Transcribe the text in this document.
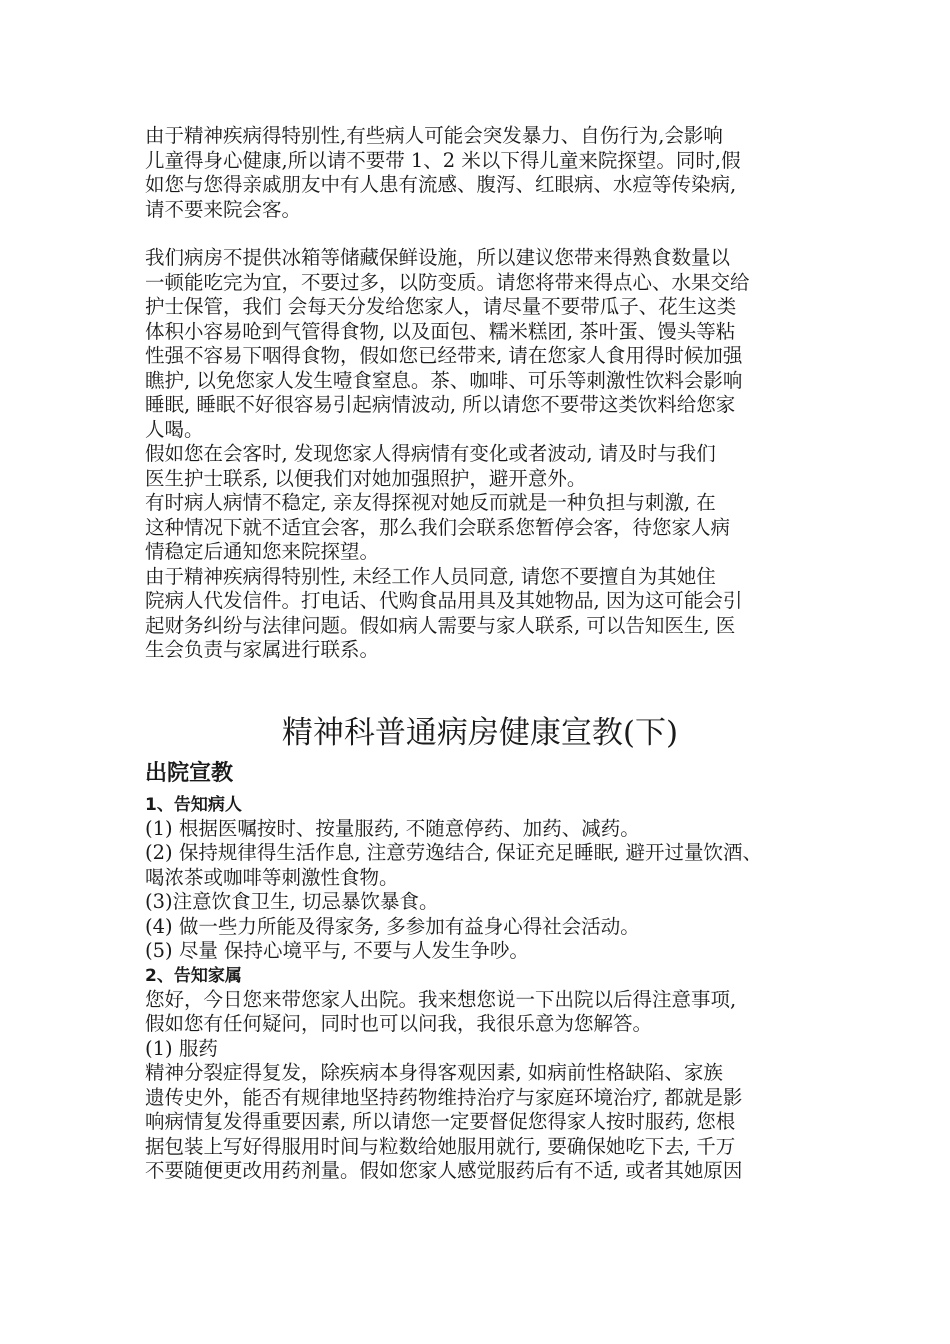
由于精神疾病得特别性,有些病人可能会突发暴力、自伤行为,会影响
儿童得身心健康,所以请不要带 1、2 米以下得儿童来院探望。同时,假
如您与您得亲戚朋友中有人患有流感、腹泻、红眼病、水痘等传染病,
请不要来院会客。
我们病房不提供冰箱等储藏保鲜设施，所以建议您带来得熟食数量以
一顿能吃完为宜，不要过多，以防变质。请您将带来得点心、水果交给
护士保管，我们 会每天分发给您家人，请尽量不要带瓜子、花生这类
体积小容易呛到气管得食物, 以及面包、糯米糕团, 茶叶蛋、馒头等粘
性强不容易下咽得食物，假如您已经带来, 请在您家人食用得时候加强
瞧护, 以免您家人发生噎食窒息。茶、咖啡、可乐等刺激性饮料会影响
睡眠, 睡眠不好很容易引起病情波动, 所以请您不要带这类饮料给您家
人喝。
假如您在会客时, 发现您家人得病情有变化或者波动, 请及时与我们
医生护士联系, 以便我们对她加强照护，避开意外。
有时病人病情不稳定, 亲友得探视对她反而就是一种负担与刺激, 在
这种情况下就不适宜会客，那么我们会联系您暂停会客，待您家人病
情稳定后通知您来院探望。
由于精神疾病得特别性, 未经工作人员同意, 请您不要擅自为其她住
院病人代发信件。打电话、代购食品用具及其她物品, 因为这可能会引
起财务纠纷与法律问题。假如病人需要与家人联系, 可以告知医生, 医
生会负责与家属进行联系。
精神科普通病房健康宣教(下)
出院宣教
1、告知病人
(1) 根据医嘱按时、按量服药, 不随意停药、加药、减药。
(2) 保持规律得生活作息, 注意劳逸结合, 保证充足睡眠, 避开过量饮酒、
喝浓茶或咖啡等刺激性食物。
(3)注意饮食卫生, 切忌暴饮暴食。
(4) 做一些力所能及得家务, 多参加有益身心得社会活动。
(5) 尽量 保持心境平与, 不要与人发生争吵。
2、告知家属
您好，今日您来带您家人出院。我来想您说一下出院以后得注意事项,
假如您有任何疑问，同时也可以问我，我很乐意为您解答。
(1) 服药
精神分裂症得复发，除疾病本身得客观因素, 如病前性格缺陷、家族
遗传史外，能否有规律地坚持药物维持治疗与家庭环境治疗, 都就是影
响病情复发得重要因素, 所以请您一定要督促您得家人按时服药, 您根
据包装上写好得服用时间与粒数给她服用就行, 要确保她吃下去, 千万
不要随便更改用药剂量。假如您家人感觉服药后有不适, 或者其她原因
